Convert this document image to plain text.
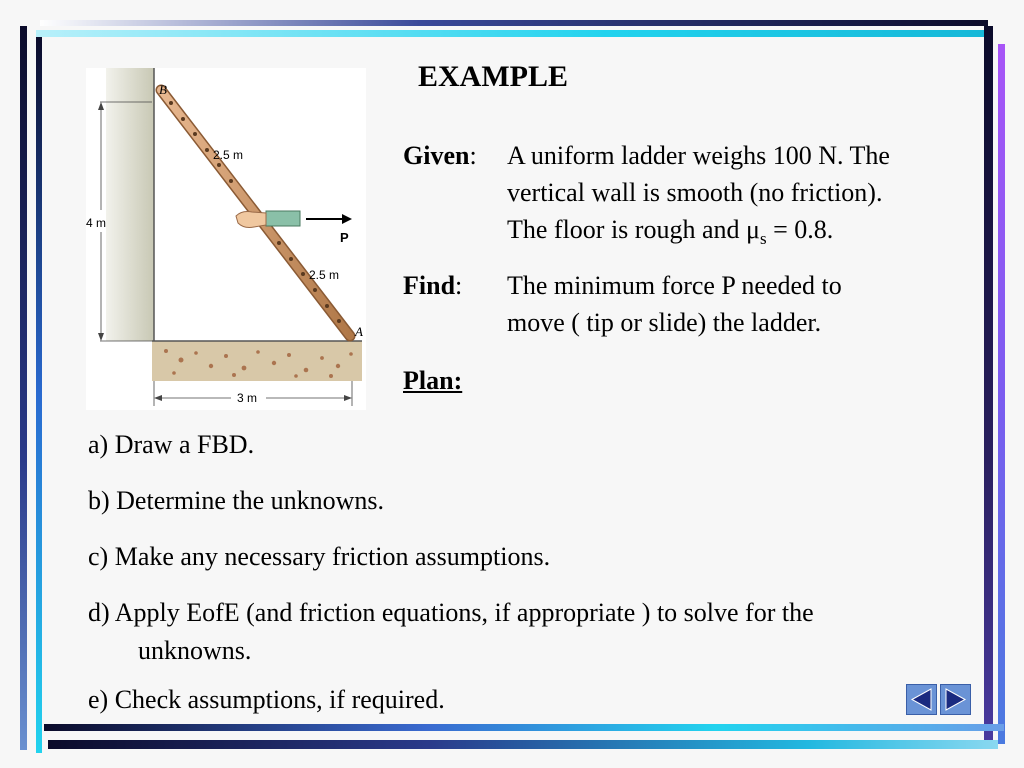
EXAMPLE
P
B
A
2.5 m
2.5 m
4 m
3 m
Given: A uniform ladder weighs 100 N. The
vertical wall is smooth (no friction).
The floor is rough and $\mu_s = 0.8$.
Find: The minimum force P needed to
move ( tip or slide) the ladder.
Plan:
a) Draw a FBD.
b) Determine the unknowns.
c) Make any necessary friction assumptions.
d) Apply EofE (and friction equations, if appropriate ) to solve for the
unknowns.
e) Check assumptions, if required.
